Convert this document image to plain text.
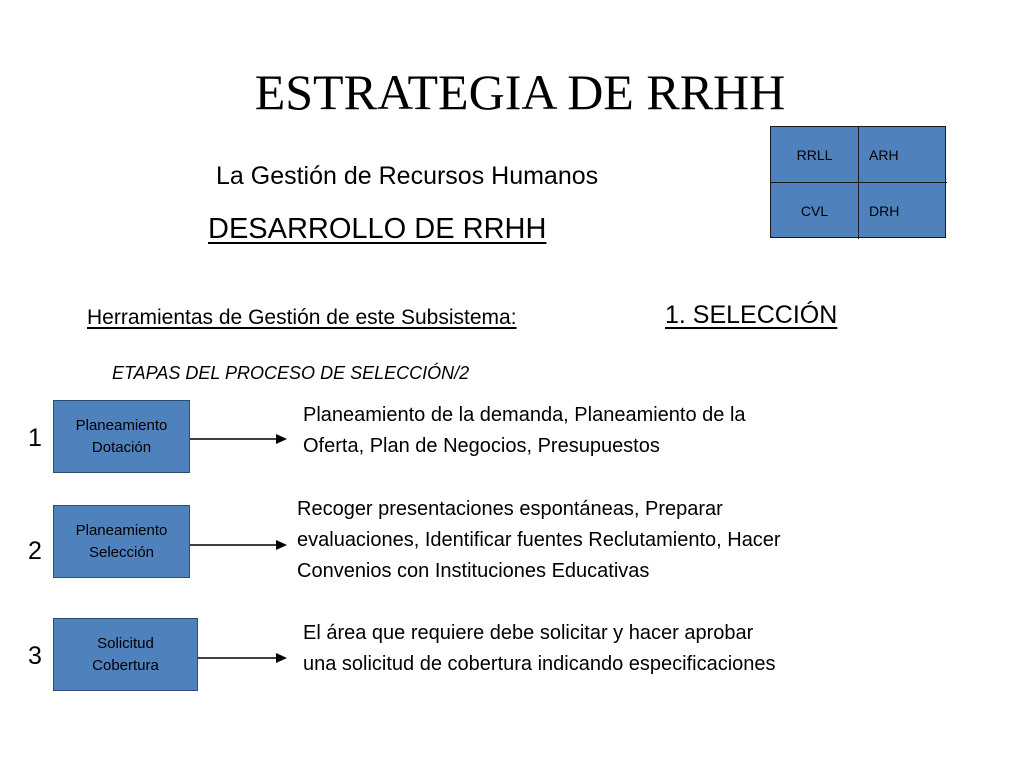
ESTRATEGIA DE RRHH
La Gestión de Recursos Humanos
DESARROLLO DE RRHH
RRLL	ARH
CVL	DRH
Herramientas de Gestión de este Subsistema:	1. SELECCIÓN
ETAPAS DEL PROCESO DE SELECCIÓN/2
1 Planeamiento
Dotación
Planeamiento de la demanda, Planeamiento de la
Oferta, Plan de Negocios, Presupuestos
2
Planeamiento
Selección
Recoger presentaciones espontáneas, Preparar
evaluaciones, Identificar fuentes Reclutamiento, Hacer
Convenios con Instituciones Educativas
3	Solicitud
Cobertura
El área que requiere debe solicitar y hacer aprobar
una solicitud de cobertura indicando especificaciones
